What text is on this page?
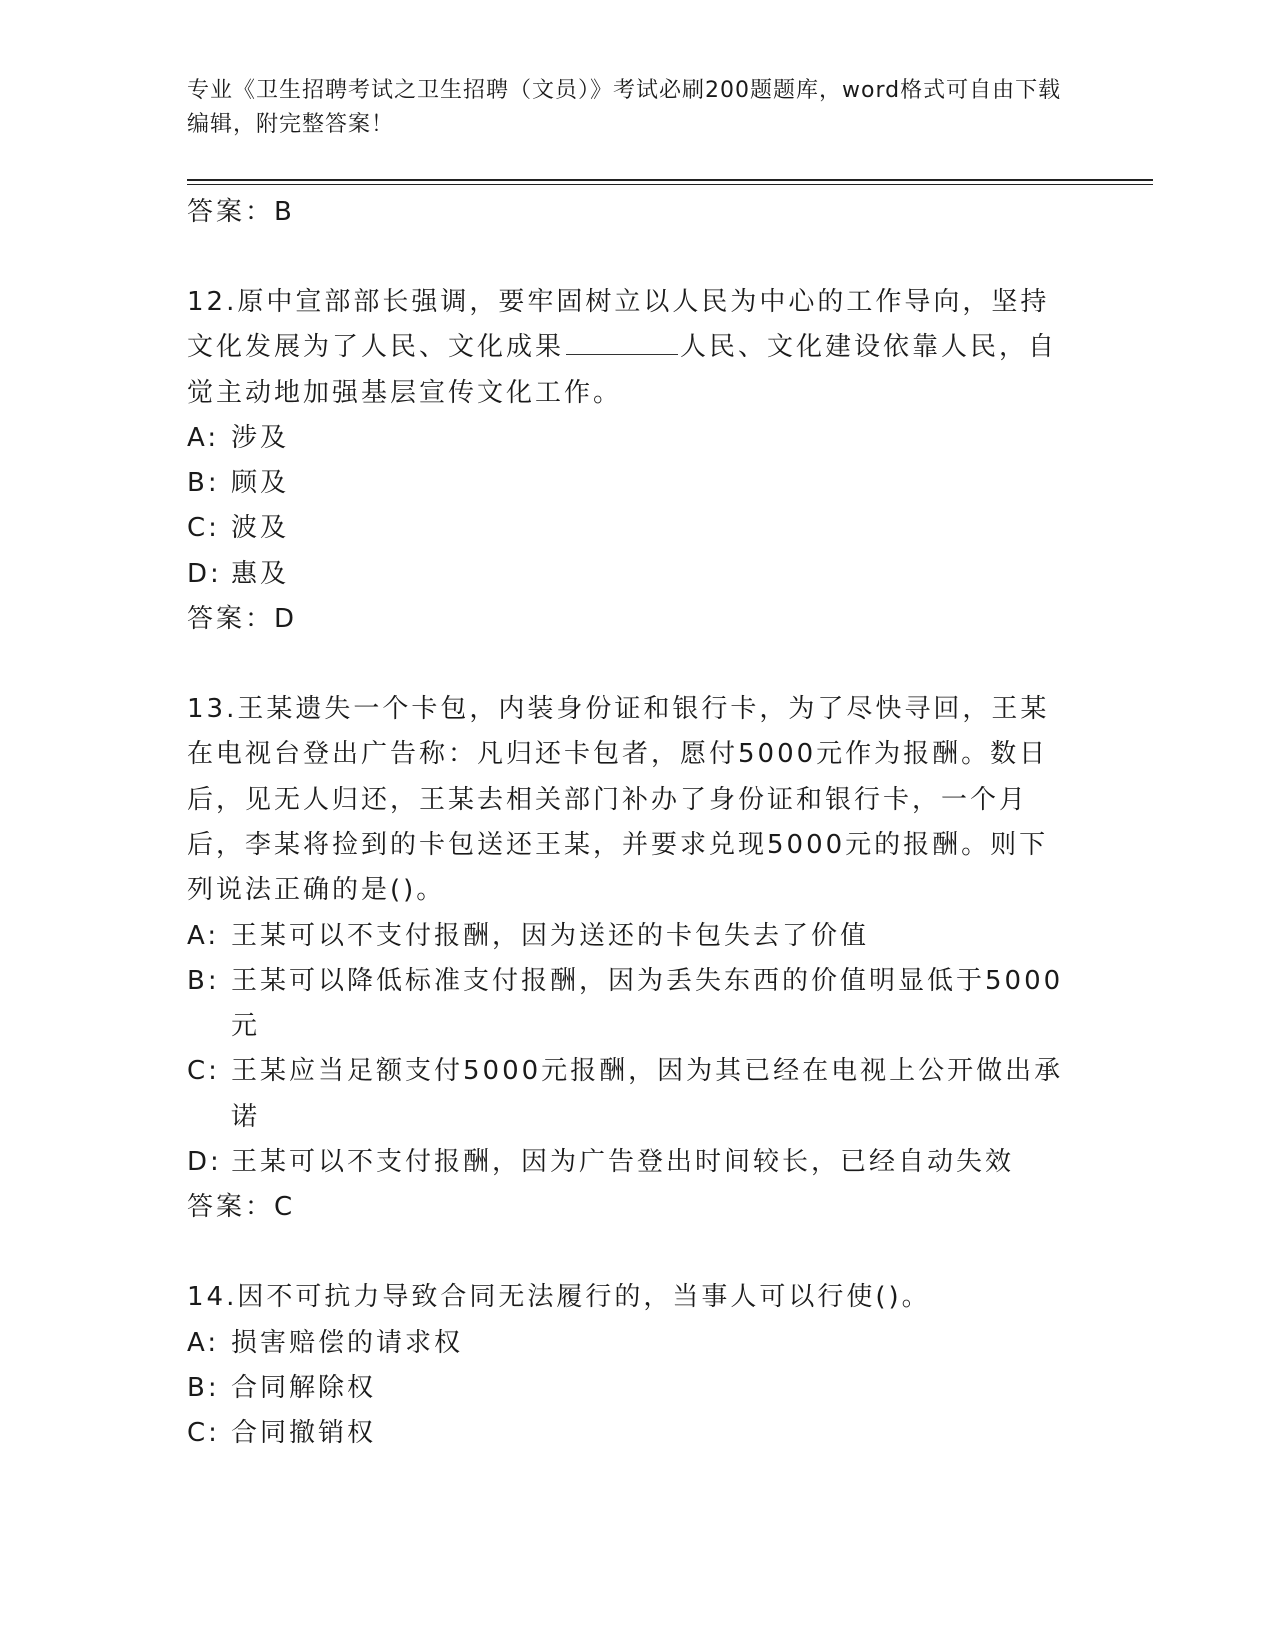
专业《卫生招聘考试之卫生招聘（文员）》考试必刷200题题库，word格式可自由下载编辑，附完整答案！
答案：B

12.原中宣部部长强调，要牢固树立以人民为中心的工作导向，坚持文化发展为了人民、文化成果	人民、文化建设依靠人民，自觉主动地加强基层宣传文化工作。

A: 涉及
B: 顾及
C: 波及
D: 惠及
答案：D

13.王某遗失一个卡包，内装身份证和银行卡，为了尽快寻回，王某在电视台登出广告称：凡归还卡包者，愿付5000元作为报酬。数日后，见无人归还，王某去相关部门补办了身份证和银行卡，一个月后，李某将捡到的卡包送还王某，并要求兑现5000元的报酬。则下列说法正确的是()。

A: 王某可以不支付报酬，因为送还的卡包失去了价值
B: 王某可以降低标准支付报酬，因为丢失东西的价值明显低于5000元
C: 王某应当足额支付5000元报酬，因为其已经在电视上公开做出承诺
D: 王某可以不支付报酬，因为广告登出时间较长，已经自动失效
答案：C

14.因不可抗力导致合同无法履行的，当事人可以行使()。

A: 损害赔偿的请求权
B: 合同解除权
C: 合同撤销权
